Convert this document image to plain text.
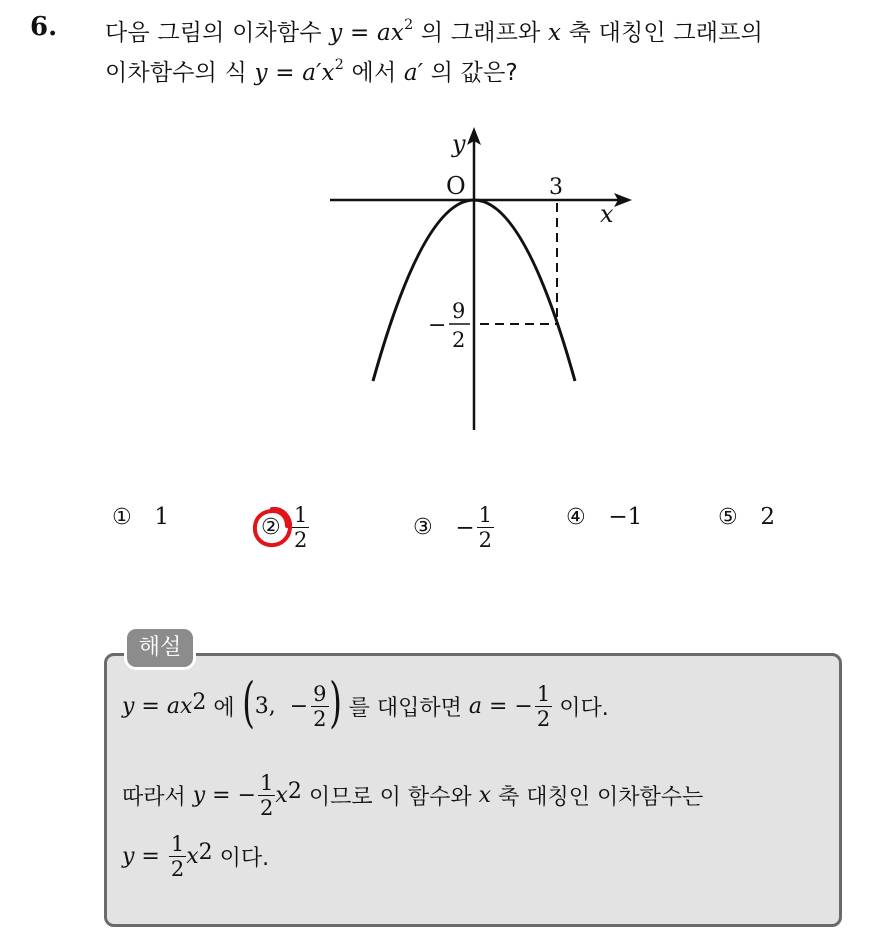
6. 다음 그림의 이차함수 $y = ax^2$ 의 그래프와 x 축 대칭인 그래프의
이차함수의 식 $y = a'x^2$ 에서 a′ 의 값은?
y
x
O	3
−
9
2
① 1	② $\frac{1}{2}$	③ − $\frac{1}{2}$	④ −1	⑤ 2
해설
$y = ax^2$ 에 ( 3, − $\frac{9}{2}$ ) 를 대입하면 a = − $\frac{1}{2}$ 이다.
따라서 y = − $\frac{1}{2} x^2$ 이므로 이 함수와 x 축 대칭인 이차함수는
$y = \frac{1}{2} x^2$ 이다.
